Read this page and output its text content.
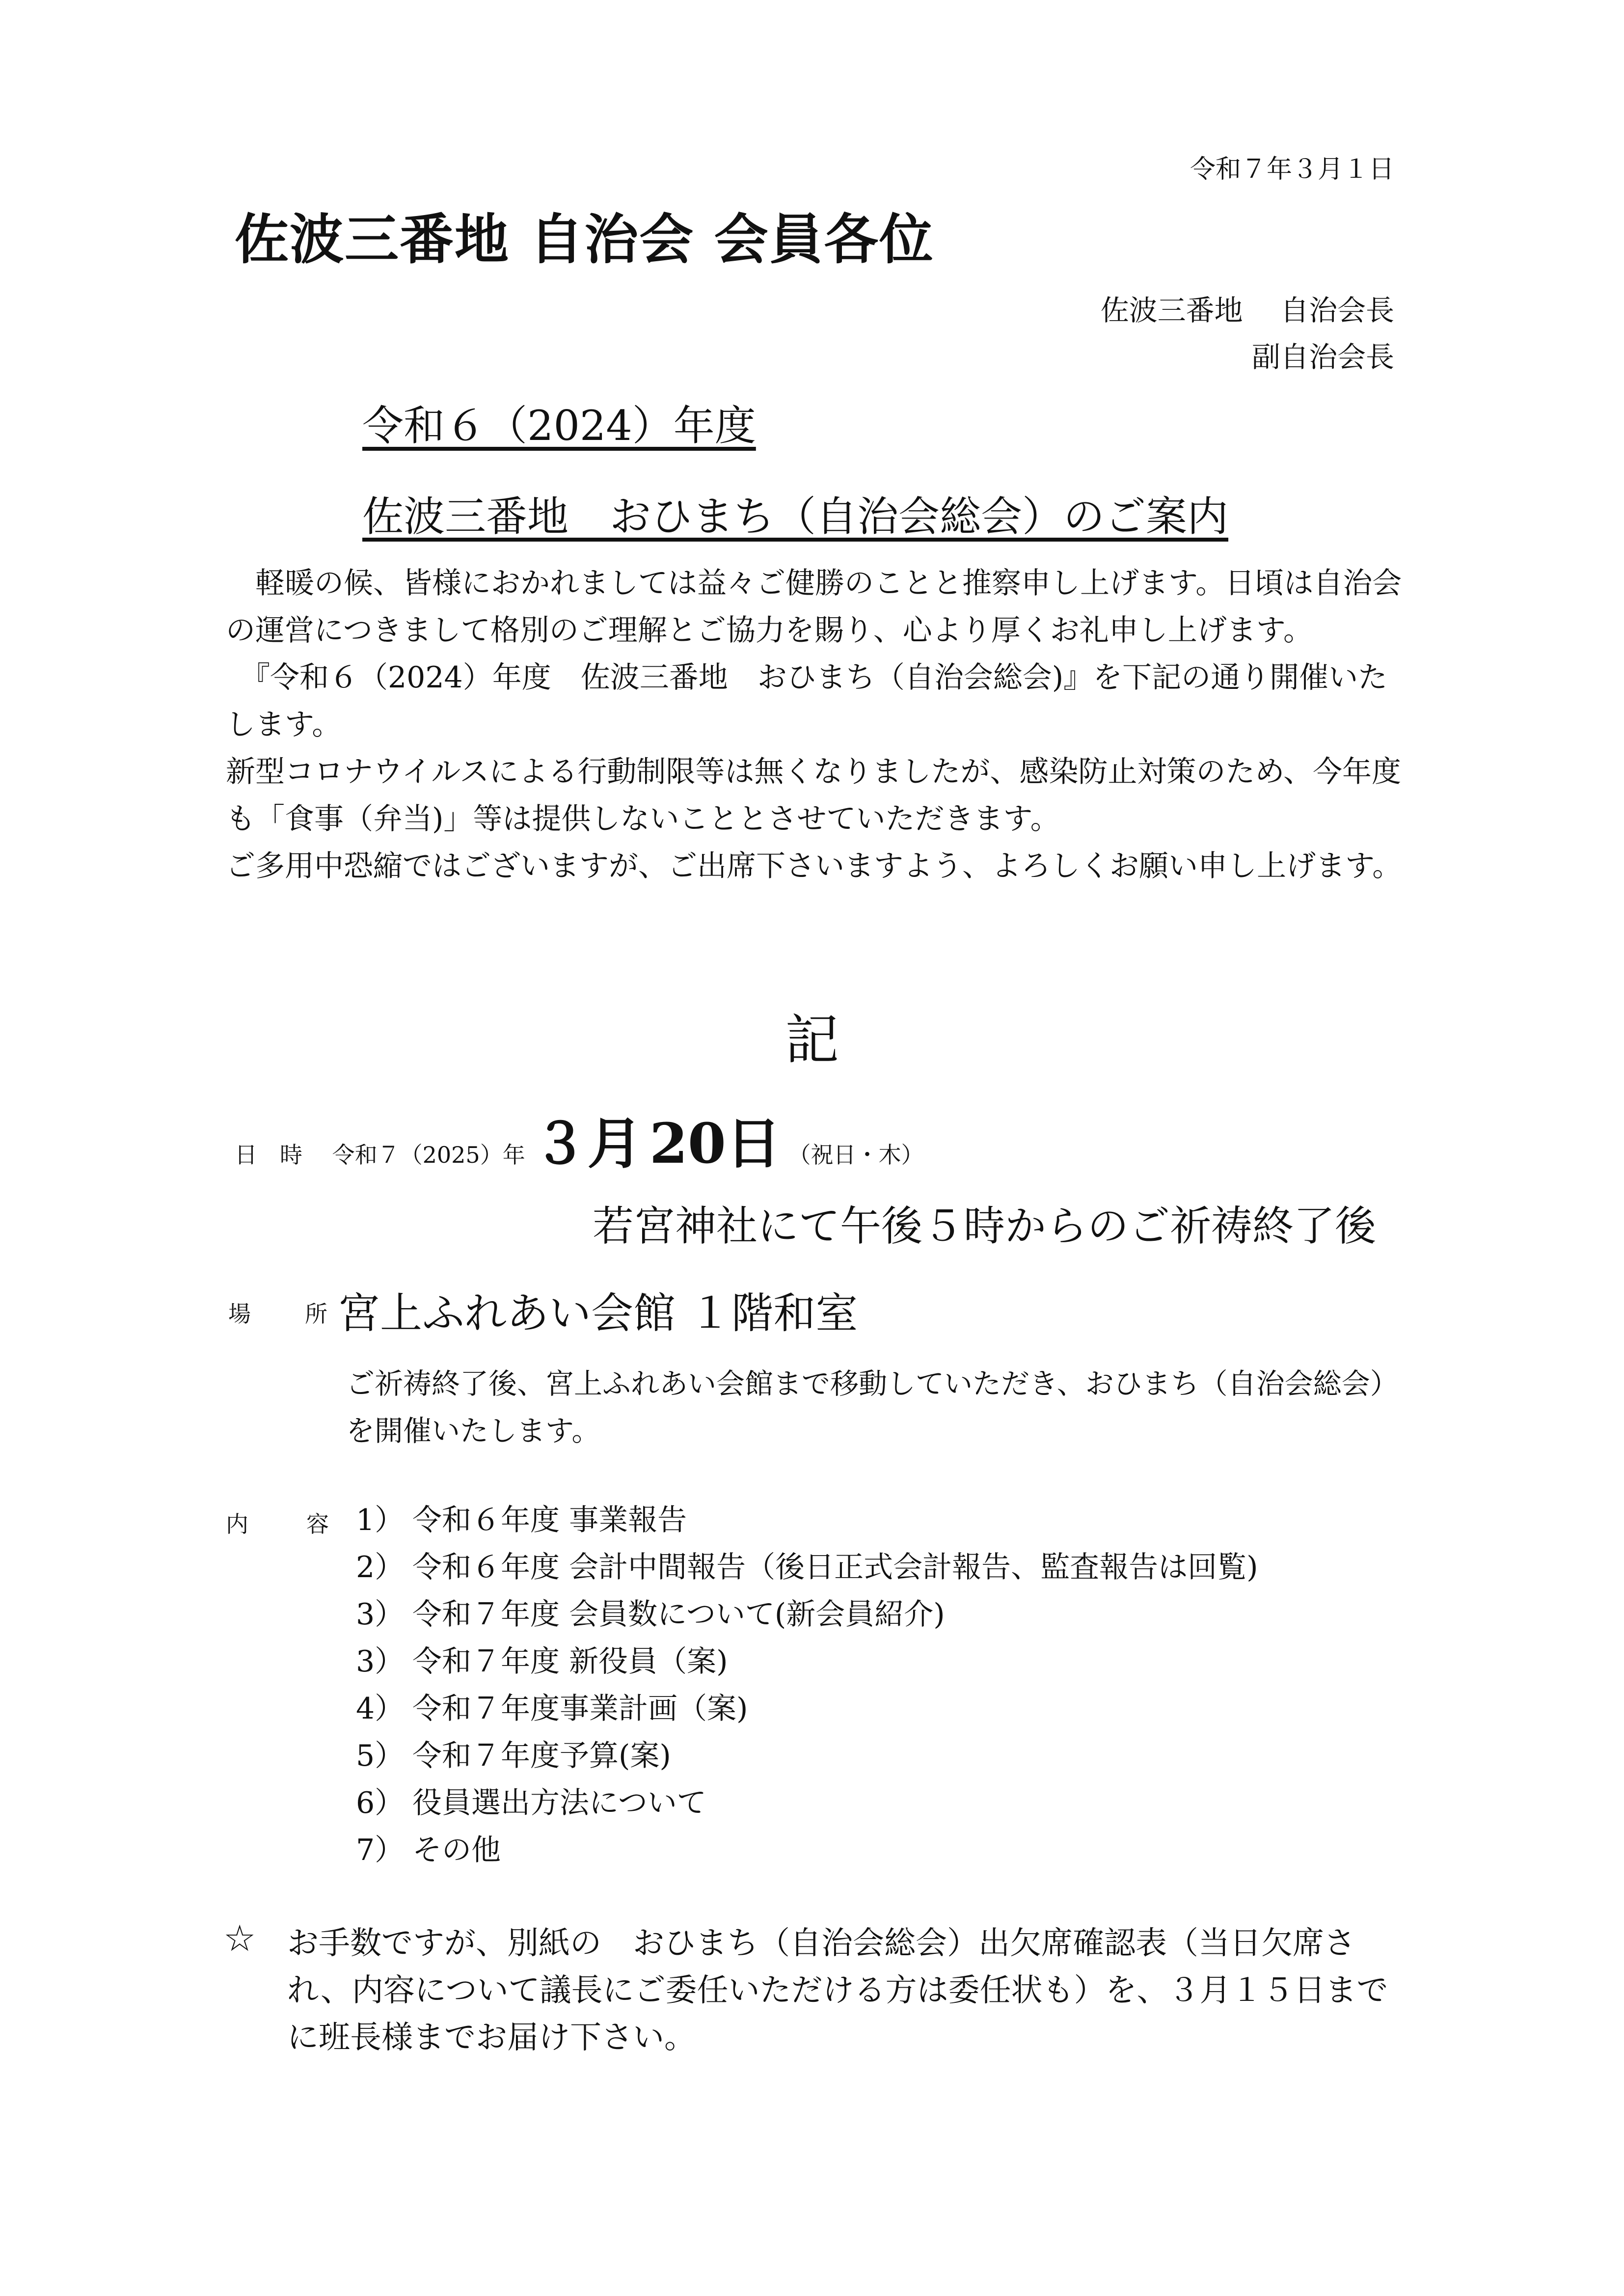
令和７年３月１日
佐波三番地 自治会 会員各位
佐波三番地　 自治会長
副自治会長
令和６（2024）年度
佐波三番地　おひまち（自治会総会）のご案内

　軽暖の候、皆様におかれましては益々ご健勝のことと推察申し上げます。日頃は自治会の運営につきまして格別のご理解とご協力を賜り、心より厚くお礼申し上げます。

　『令和６（2024）年度　佐波三番地　おひまち（自治会総会)』を下記の通り開催いたします。

新型コロナウイルスによる行動制限等は無くなりましたが、感染防止対策のため、今年度も「食事（弁当)」等は提供しないこととさせていただきます。

ご多用中恐縮ではございますが、ご出席下さいますよう、よろしくお願い申し上げます。

記
日　時　 令和７（2025）年 ３月 20日 （祝日・木）
若宮神社にて午後５時からのご祈祷終了後
場　所
宮上ふれあい会館 １階和室

ご祈祷終了後、宮上ふれあい会館まで移動していただき、おひまち（自治会総会）を開催いたします。

内　容 1） 令和６年度 事業報告
2） 令和６年度 会計中間報告（後日正式会計報告、監査報告は回覧)
3） 令和７年度 会員数について(新会員紹介)
3） 令和７年度 新役員（案)
4） 令和７年度事業計画（案)
5） 令和７年度予算(案)
6） 役員選出方法について
7） その他
☆ お手数ですが、別紙の　おひまち（自治会総会）出欠席確認表（当日欠席され、内容について議長にご委任いただける方は委任状も）を、３月１５日までに班長様までお届け下さい。
